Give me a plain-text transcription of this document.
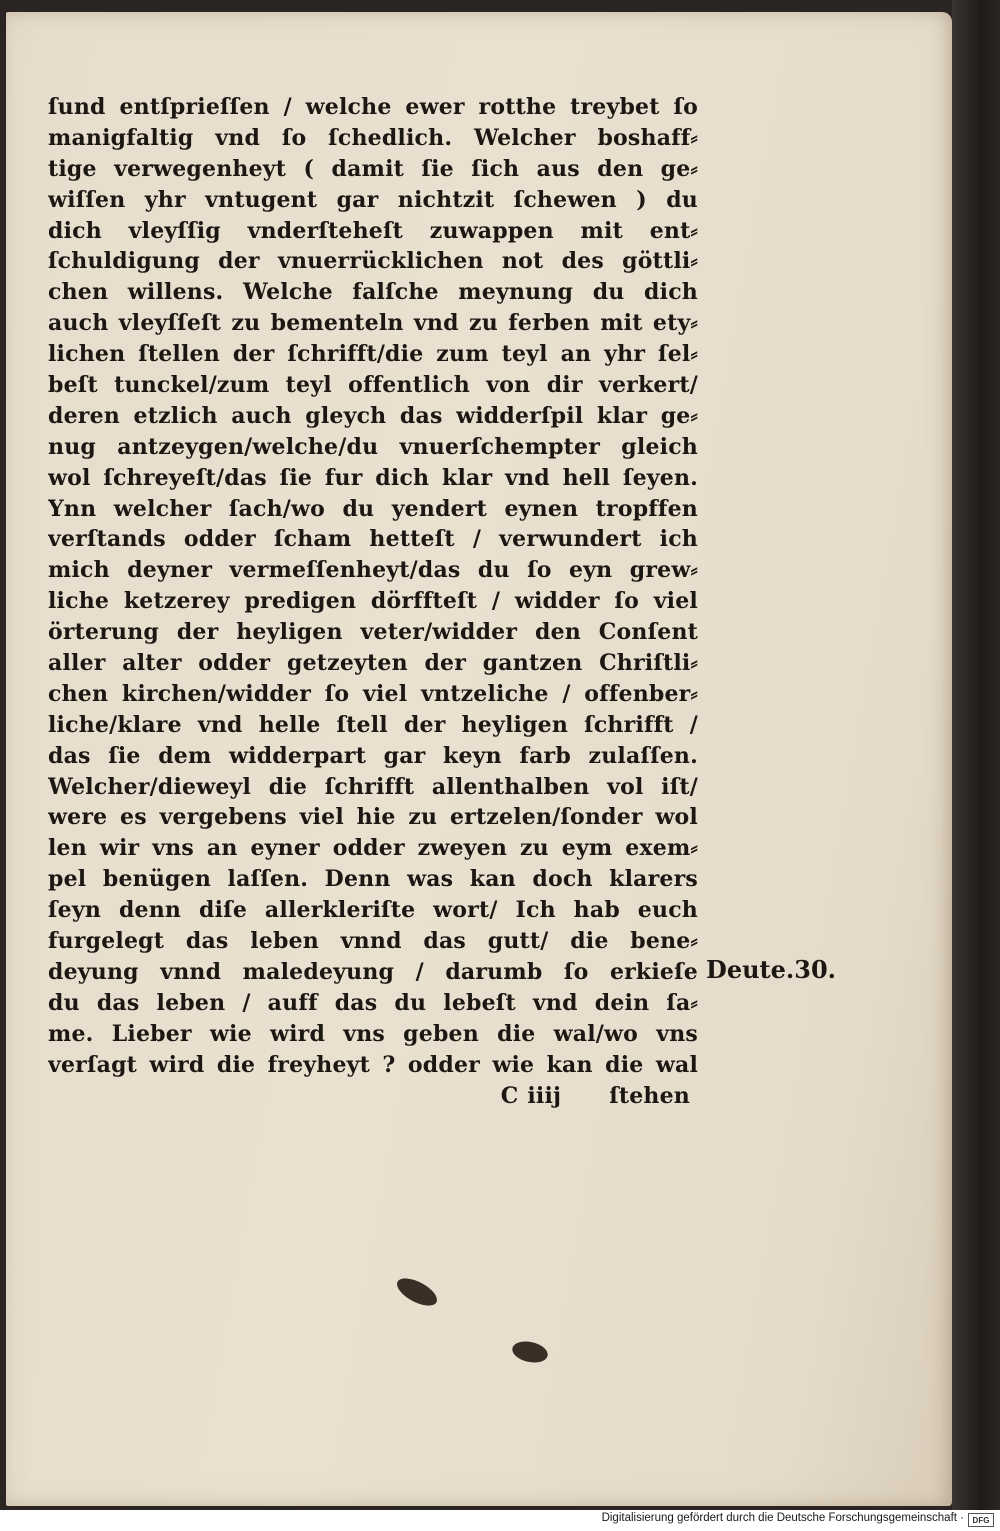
ſund entſprieſſen / welche ewer rotthe treybet ſo
manigfaltig vnd ſo ſchedlich. Welcher boshaff⸗
tige verwegenheyt ( damit ſie ſich aus den ge⸗
wiſſen yhr vntugent gar nichtzit ſchewen ) du
dich vleyſſig vnderſteheſt zuwappen mit ent⸗
ſchuldigung der vnuerrücklichen not des göttli⸗
chen willens. Welche falſche meynung du dich
auch vleyſſeſt zu bementeln vnd zu ferben mit ety⸗
lichen ſtellen der ſchrifft/die zum teyl an yhr ſel⸗
beſt tunckel/zum teyl offentlich von dir verkert/
deren etzlich auch gleych das widderſpil klar ge⸗
nug antzeygen/welche/du vnuerſchempter gleich
wol ſchreyeſt/das ſie fur dich klar vnd hell ſeyen.
Ynn welcher ſach/wo du yendert eynen tropffen
verſtands odder ſcham hetteſt / verwundert ich
mich deyner vermeſſenheyt/das du ſo eyn grew⸗
liche ketzerey predigen dörffteſt / widder ſo viel
örterung der heyligen veter/widder den Conſent
aller alter odder getzeyten der gantzen Chriſtli⸗
chen kirchen/widder ſo viel vntzeliche / offenber⸗
liche/klare vnd helle ſtell der heyligen ſchrifft /
das ſie dem widderpart gar keyn farb zulaſſen.
Welcher/dieweyl die ſchrifft allenthalben vol iſt/
were es vergebens viel hie zu ertzelen/ſonder wol
len wir vns an eyner odder zweyen zu eym exem⸗
pel benügen laſſen. Denn was kan doch klarers
ſeyn denn diſe allerkleriſte wort/ Ich hab euch
furgelegt das leben vnnd das gutt/ die bene⸗
deyung vnnd maledeyung / darumb ſo erkieſe
du das leben / auff das du lebeſt vnd dein ſa⸗
me. Lieber wie wird vns geben die wal/wo vns
verſagt wird die freyheyt ? odder wie kan die wal
C iiij ſtehen
Deute.30.
Digitalisierung gefördert durch die Deutsche Forschungsgemeinschaft ·	DFG
